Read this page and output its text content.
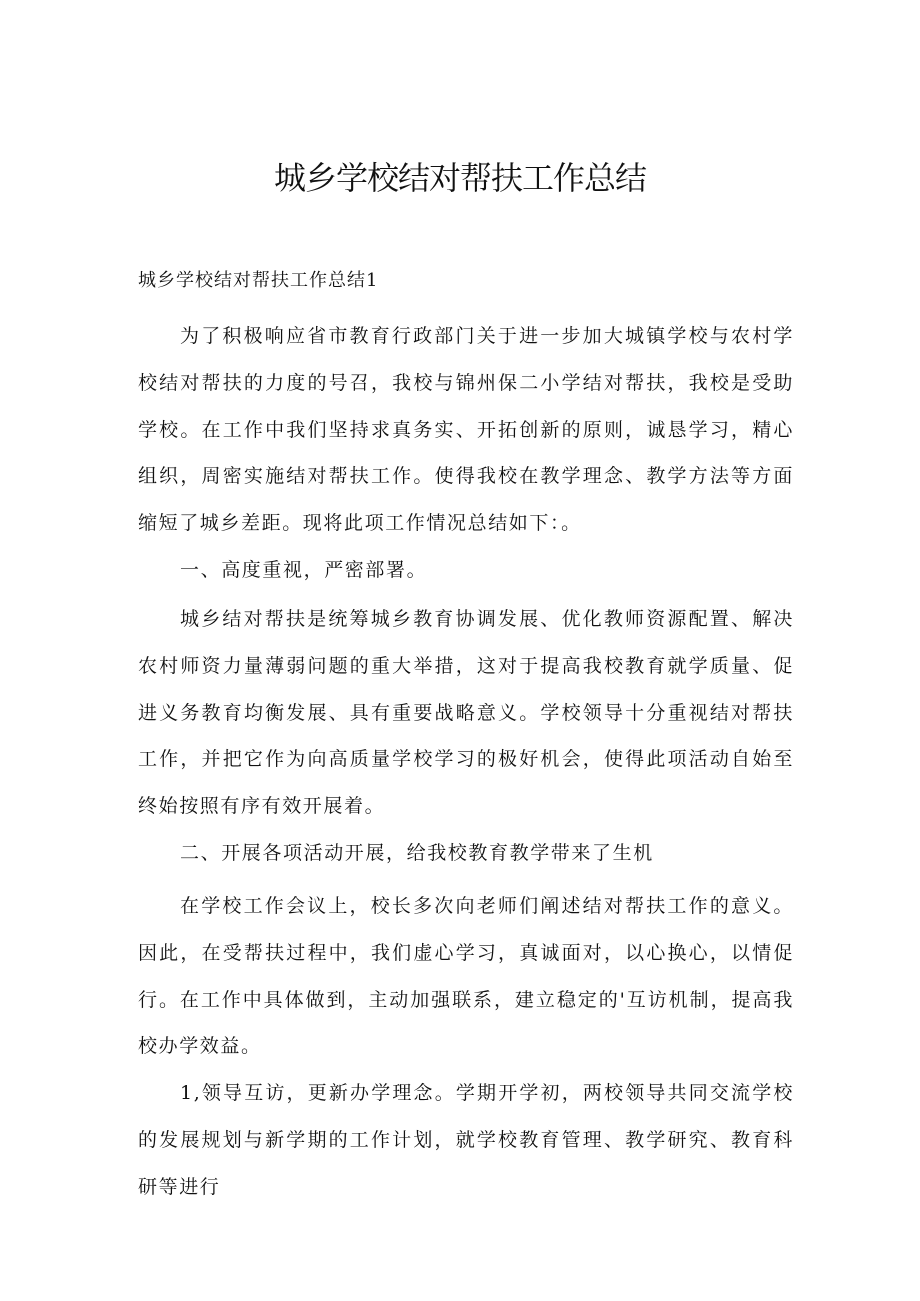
城乡学校结对帮扶工作总结

城乡学校结对帮扶工作总结1

为了积极响应省市教育行政部门关于进一步加大城镇学校与农村学校结对帮扶的力度的号召，我校与锦州保二小学结对帮扶，我校是受助学校。在工作中我们坚持求真务实、开拓创新的原则，诚恳学习，精心组织，周密实施结对帮扶工作。使得我校在教学理念、教学方法等方面缩短了城乡差距。现将此项工作情况总结如下：。

一、高度重视，严密部署。

城乡结对帮扶是统筹城乡教育协调发展、优化教师资源配置、解决农村师资力量薄弱问题的重大举措，这对于提高我校教育就学质量、促进义务教育均衡发展、具有重要战略意义。学校领导十分重视结对帮扶工作，并把它作为向高质量学校学习的极好机会，使得此项活动自始至终始按照有序有效开展着。

二、开展各项活动开展，给我校教育教学带来了生机

在学校工作会议上，校长多次向老师们阐述结对帮扶工作的意义。因此，在受帮扶过程中，我们虚心学习，真诚面对，以心换心，以情促行。在工作中具体做到，主动加强联系，建立稳定的'互访机制，提高我校办学效益。

1,领导互访，更新办学理念。学期开学初，两校领导共同交流学校的发展规划与新学期的工作计划，就学校教育管理、教学研究、教育科研等进行
